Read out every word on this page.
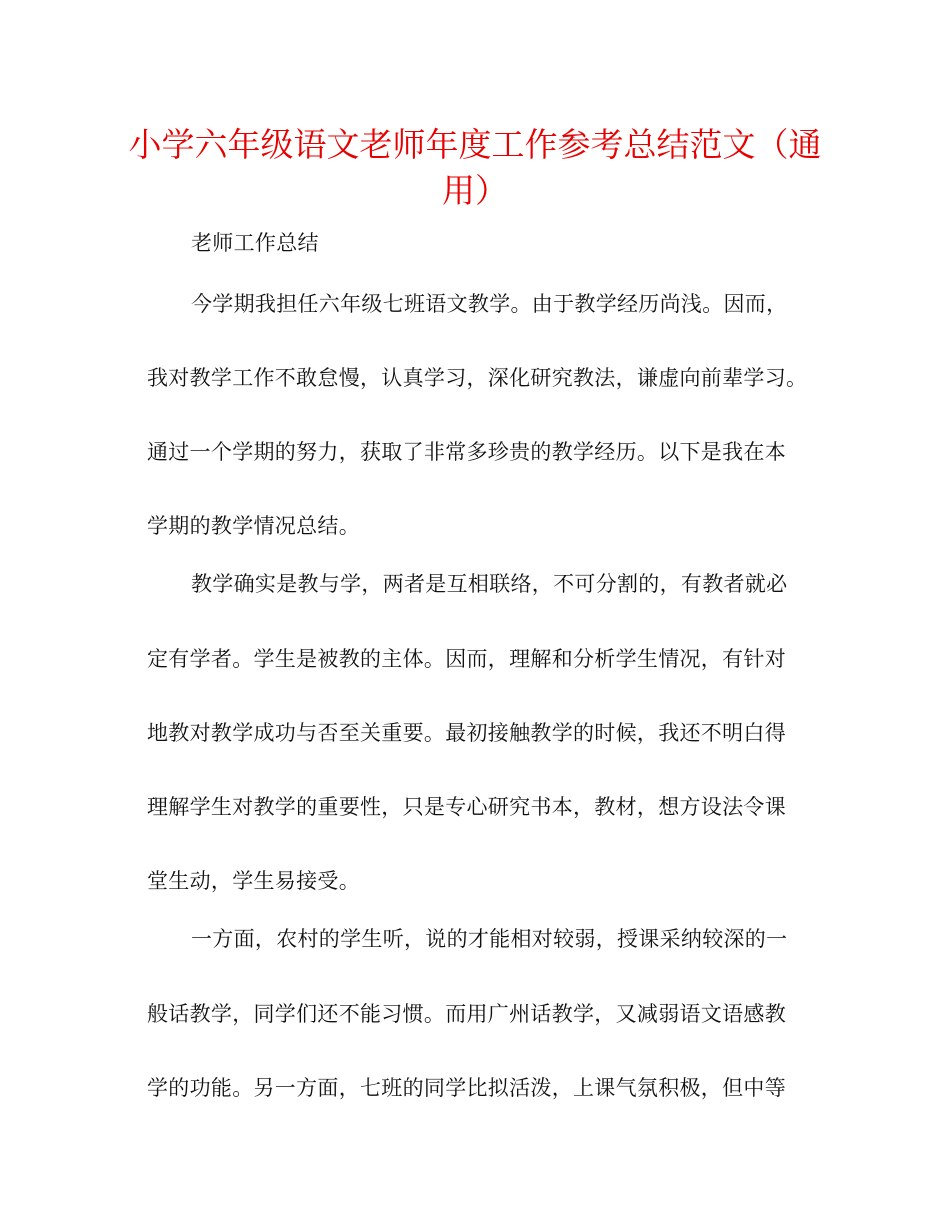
小学六年级语文老师年度工作参考总结范文（通
用）
老师工作总结
今学期我担任六年级七班语文教学。由于教学经历尚浅。因而，
我对教学工作不敢怠慢，认真学习，深化研究教法，谦虚向前辈学习。
通过一个学期的努力，获取了非常多珍贵的教学经历。以下是我在本
学期的教学情况总结。
教学确实是教与学，两者是互相联络，不可分割的，有教者就必
定有学者。学生是被教的主体。因而，理解和分析学生情况，有针对
地教对教学成功与否至关重要。最初接触教学的时候，我还不明白得
理解学生对教学的重要性，只是专心研究书本，教材，想方设法令课
堂生动，学生易接受。
一方面，农村的学生听，说的才能相对较弱，授课采纳较深的一
般话教学，同学们还不能习惯。而用广州话教学，又减弱语文语感教
学的功能。另一方面，七班的同学比拟活泼，上课气氛积极，但中等
